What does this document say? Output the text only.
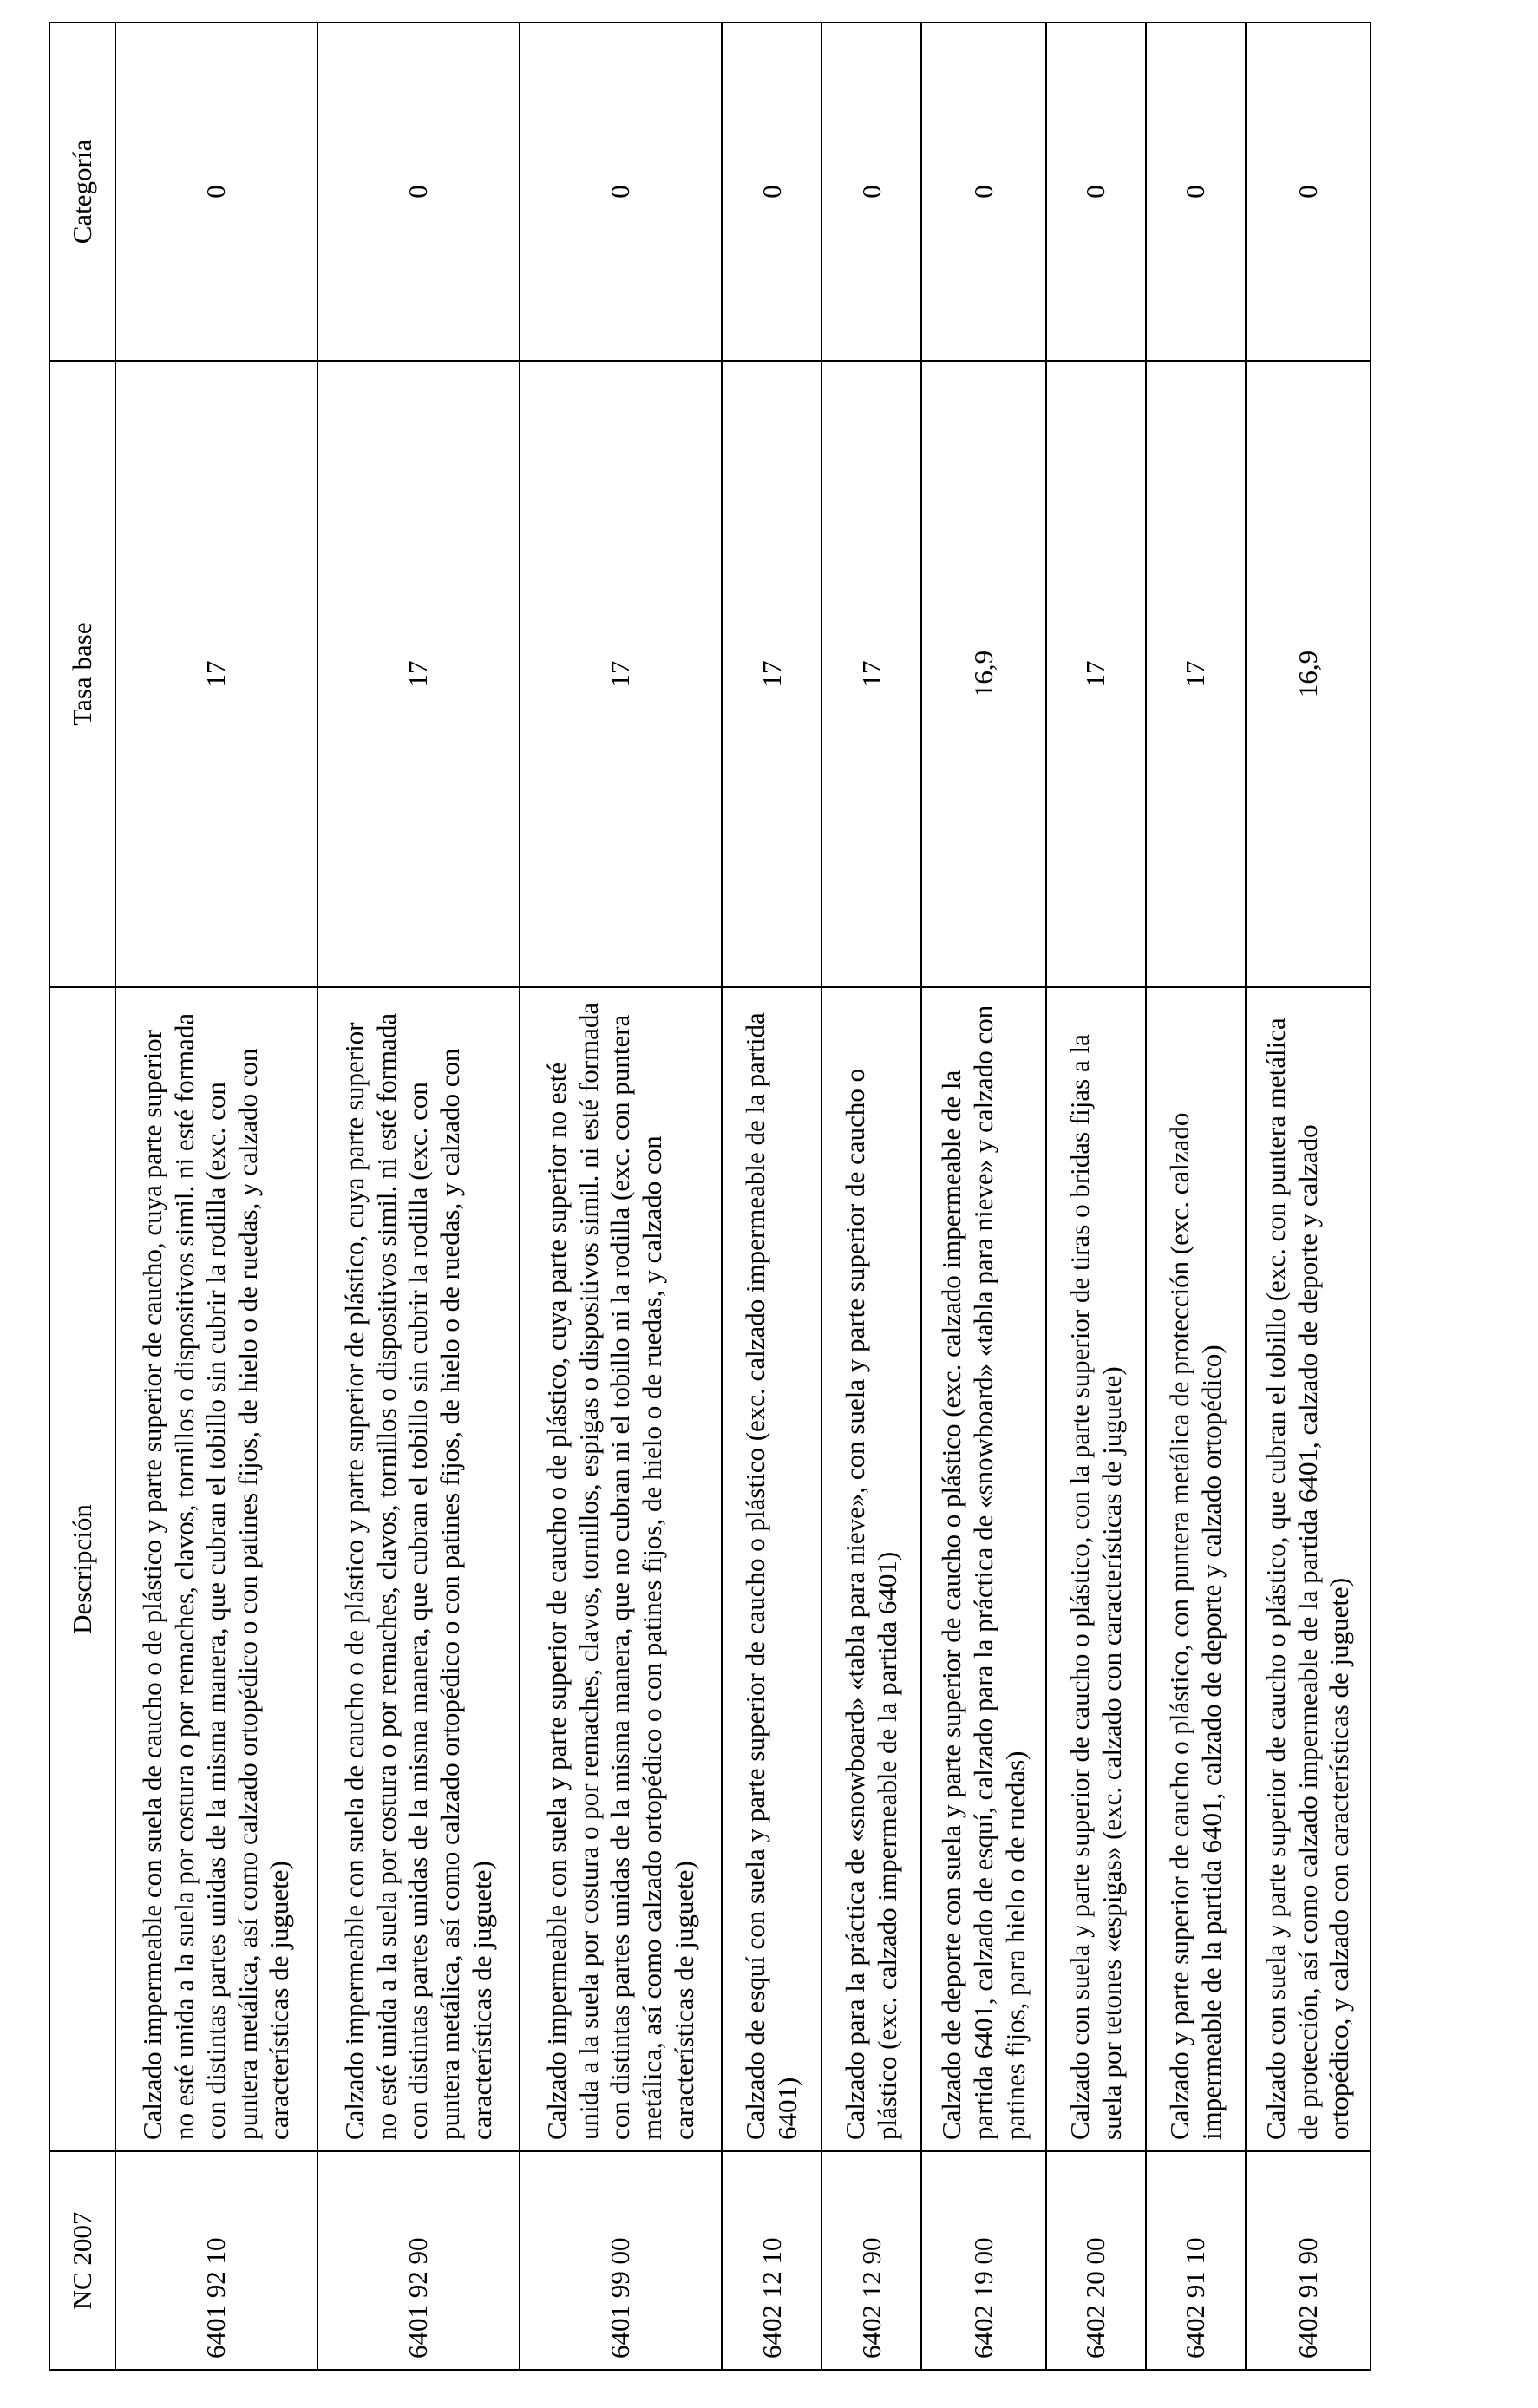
NC 2007	Descripción	Tasa base	Categoría
6401 92 10	Calzado impermeable con suela de caucho o de plástico y parte superior de caucho, cuya parte superior no esté unida a la suela por costura o por remaches, clavos, tornillos o dispositivos simil. ni esté formada con distintas partes unidas de la misma manera, que cubran el tobillo sin cubrir la rodilla (exc. con puntera metálica, así como calzado ortopédico o con patines fijos, de hielo o de ruedas, y calzado con características de juguete)	17	0
6401 92 90	Calzado impermeable con suela de caucho o de plástico y parte superior de plástico, cuya parte superior no esté unida a la suela por costura o por remaches, clavos, tornillos o dispositivos simil. ni esté formada con distintas partes unidas de la misma manera, que cubran el tobillo sin cubrir la rodilla (exc. con puntera metálica, así como calzado ortopédico o con patines fijos, de hielo o de ruedas, y calzado con características de juguete)	17	0
6401 99 00	Calzado impermeable con suela y parte superior de caucho o de plástico, cuya parte superior no esté unida a la suela por costura o por remaches, clavos, tornillos, espigas o dispositivos simil. ni esté formada con distintas partes unidas de la misma manera, que no cubran ni el tobillo ni la rodilla (exc. con puntera metálica, así como calzado ortopédico o con patines fijos, de hielo o de ruedas, y calzado con características de juguete)	17	0
6402 12 10	Calzado de esquí con suela y parte superior de caucho o plástico (exc. calzado impermeable de la partida 6401)	17	0
6402 12 90	Calzado para la práctica de «snowboard» «tabla para nieve», con suela y parte superior de caucho o plástico (exc. calzado impermeable de la partida 6401)	17	0
6402 19 00	Calzado de deporte con suela y parte superior de caucho o plástico (exc. calzado impermeable de la partida 6401, calzado de esquí, calzado para la práctica de «snowboard» «tabla para nieve» y calzado con patines fijos, para hielo o de ruedas)	16,9	0
6402 20 00	Calzado con suela y parte superior de caucho o plástico, con la parte superior de tiras o bridas fijas a la suela por tetones «espigas» (exc. calzado con características de juguete)	17	0
6402 91 10	Calzado y parte superior de caucho o plástico, con puntera metálica de protección (exc. calzado impermeable de la partida 6401, calzado de deporte y calzado ortopédico)	17	0
6402 91 90	Calzado con suela y parte superior de caucho o plástico, que cubran el tobillo (exc. con puntera metálica de protección, así como calzado impermeable de la partida 6401, calzado de deporte y calzado ortopédico, y calzado con características de juguete)	16,9	0
